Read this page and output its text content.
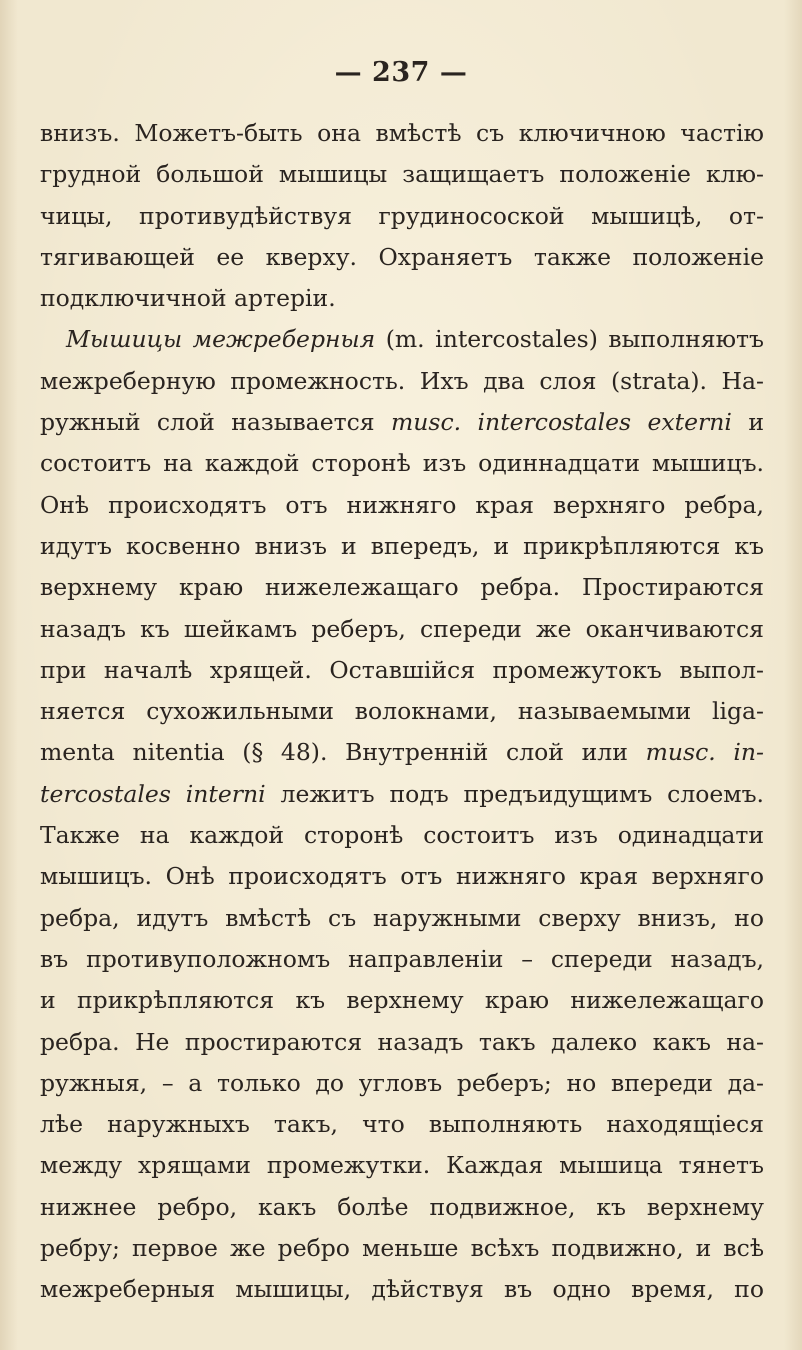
— 237 —
внизъ. Можетъ-быть она вмѣстѣ съ ключичною частію
грудной большой мышицы защищаетъ положеніе клю-
чицы, противудѣйствуя грудиносоской мышицѣ, от-
тягивающей ее кверху. Охраняетъ также положеніе
подключичной артеріи.
Мышицы межреберныя (m. intercostales) выполняютъ
межреберную промежность. Ихъ два слоя (strata). На-
ружный слой называется musc. intercostales externi и
состоитъ на каждой сторонѣ изъ одиннадцати мышицъ.
Онѣ происходятъ отъ нижняго края верхняго ребра,
идутъ косвенно внизъ и впередъ, и прикрѣпляются къ
верхнему краю нижележащаго ребра. Простираются
назадъ къ шейкамъ реберъ, спереди же оканчиваются
при началѣ хрящей. Оставшійся промежутокъ выпол-
няется сухожильными волокнами, называемыми liga-
menta nitentia (§ 48). Внутренній слой или musc. in-
tercostales interni лежитъ подъ предъидущимъ слоемъ.
Также на каждой сторонѣ состоитъ изъ одинадцати
мышицъ. Онѣ происходятъ отъ нижняго края верхняго
ребра, идутъ вмѣстѣ съ наружными сверху внизъ, но
въ противуположномъ направленіи – спереди назадъ,
и прикрѣпляются къ верхнему краю нижележащаго
ребра. Не простираются назадъ такъ далеко какъ на-
ружныя, – а только до угловъ реберъ; но впереди да-
лѣе наружныхъ такъ, что выполняють находящіеся
между хрящами промежутки. Каждая мышица тянетъ
нижнее ребро, какъ болѣе подвижное, къ верхнему
ребру; первое же ребро меньше всѣхъ подвижно, и всѣ
межреберныя мышицы, дѣйствуя въ одно время, по
